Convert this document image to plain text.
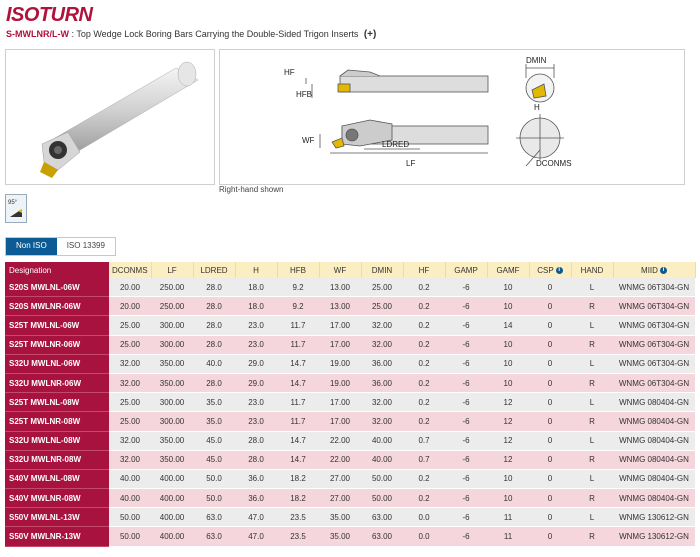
ISOTURN
S-MWLNR/L-W : Top Wedge Lock Boring Bars Carrying the Double-Sided Trigon Inserts (+)
HF
HFB
DMIN
WF	LDRED
LF
H
DCONMS
Right-hand shown
95°
Non ISO	ISO 13399
Designation	DCONMS	LF	LDRED	H	HFB	WF	DMIN	HF	GAMP	GAMF	CSP i	HAND	MIID i
S20S MWLNL-06W	20.00	250.00	28.0	18.0	9.2	13.00	25.00	0.2	-6	10	0	L	WNMG 06T304-GN
S20S MWLNR-06W	20.00	250.00	28.0	18.0	9.2	13.00	25.00	0.2	-6	10	0	R	WNMG 06T304-GN
S25T MWLNL-06W	25.00	300.00	28.0	23.0	11.7	17.00	32.00	0.2	-6	14	0	L	WNMG 06T304-GN
S25T MWLNR-06W	25.00	300.00	28.0	23.0	11.7	17.00	32.00	0.2	-6	10	0	R	WNMG 06T304-GN
S32U MWLNL-06W	32.00	350.00	40.0	29.0	14.7	19.00	36.00	0.2	-6	10	0	L	WNMG 06T304-GN
S32U MWLNR-06W	32.00	350.00	28.0	29.0	14.7	19.00	36.00	0.2	-6	10	0	R	WNMG 06T304-GN
S25T MWLNL-08W	25.00	300.00	35.0	23.0	11.7	17.00	32.00	0.2	-6	12	0	L	WNMG 080404-GN
S25T MWLNR-08W	25.00	300.00	35.0	23.0	11.7	17.00	32.00	0.2	-6	12	0	R	WNMG 080404-GN
S32U MWLNL-08W	32.00	350.00	45.0	28.0	14.7	22.00	40.00	0.7	-6	12	0	L	WNMG 080404-GN
S32U MWLNR-08W	32.00	350.00	45.0	28.0	14.7	22.00	40.00	0.7	-6	12	0	R	WNMG 080404-GN
S40V MWLNL-08W	40.00	400.00	50.0	36.0	18.2	27.00	50.00	0.2	-6	10	0	L	WNMG 080404-GN
S40V MWLNR-08W	40.00	400.00	50.0	36.0	18.2	27.00	50.00	0.2	-6	10	0	R	WNMG 080404-GN
S50V MWLNL-13W	50.00	400.00	63.0	47.0	23.5	35.00	63.00	0.0	-6	11	0	L	WNMG 130612-GN
S50V MWLNR-13W	50.00	400.00	63.0	47.0	23.5	35.00	63.00	0.0	-6	11	0	R	WNMG 130612-GN
